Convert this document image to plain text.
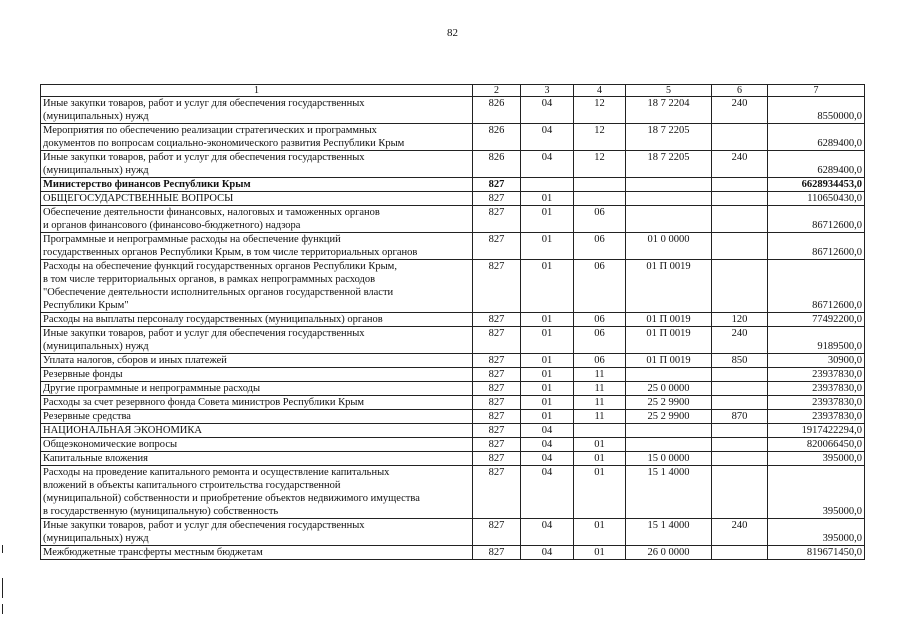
82
1	2	3	4	5	6	7

Иные закупки товаров, работ и услуг для обеспечения государственных
(муниципальных) нужд	826	04	12	18 7 2204	240	8550000,0

Мероприятия по обеспечению реализации стратегических и программных
документов по вопросам социально-экономического развития Республики Крым	826	04	12	18 7 2205		6289400,0

Иные закупки товаров, работ и услуг для обеспечения государственных
(муниципальных) нужд	826	04	12	18 7 2205	240	6289400,0

Министерство финансов Республики Крым	827					6628934453,0

ОБЩЕГОСУДАРСТВЕННЫЕ ВОПРОСЫ	827	01				110650430,0

Обеспечение деятельности финансовых, налоговых и таможенных органов
и органов финансового (финансово-бюджетного) надзора	827	01	06			86712600,0

Программные и непрограммные расходы на обеспечение функций
государственных органов Республики Крым, в том числе территориальных органов	827	01	06	01 0 0000		86712600,0

Расходы на обеспечение функций государственных органов Республики Крым,
в том числе территориальных органов, в рамках непрограммных расходов
"Обеспечение деятельности исполнительных органов государственной власти
Республики Крым"	827	01	06	01 П 0019		86712600,0

Расходы на выплаты персоналу государственных (муниципальных) органов	827	01	06	01 П 0019	120	77492200,0

Иные закупки товаров, работ и услуг для обеспечения государственных
(муниципальных) нужд	827	01	06	01 П 0019	240	9189500,0

Уплата налогов, сборов и иных платежей	827	01	06	01 П 0019	850	30900,0

Резервные фонды	827	01	11			23937830,0

Другие программные и непрограммные расходы	827	01	11	25 0 0000		23937830,0

Расходы за счет резервного фонда Совета министров Республики Крым	827	01	11	25 2 9900		23937830,0

Резервные средства	827	01	11	25 2 9900	870	23937830,0

НАЦИОНАЛЬНАЯ ЭКОНОМИКА	827	04				1917422294,0

Общеэкономические вопросы	827	04	01			820066450,0

Капитальные вложения	827	04	01	15 0 0000		395000,0

Расходы на проведение капитального ремонта и осуществление капитальных
вложений в объекты капитального строительства государственной
(муниципальной) собственности и приобретение объектов недвижимого имущества
в государственную (муниципальную) собственность	827	04	01	15 1 4000		395000,0

Иные закупки товаров, работ и услуг для обеспечения государственных
(муниципальных) нужд	827	04	01	15 1 4000	240	395000,0

Межбюджетные трансферты местным бюджетам	827	04	01	26 0 0000		819671450,0
